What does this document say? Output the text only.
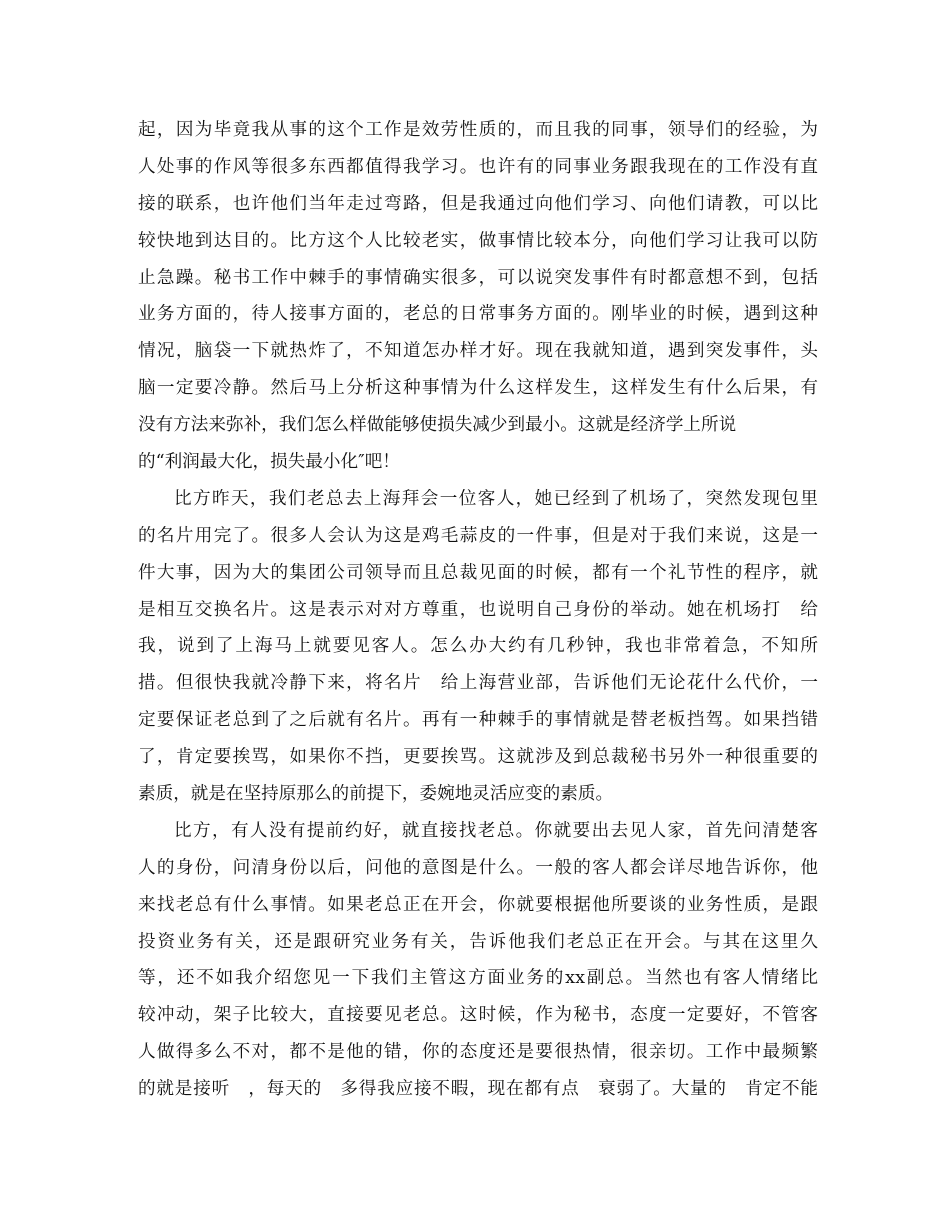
起，因为毕竟我从事的这个工作是效劳性质的，而且我的同事，领导们的经验，为
人处事的作风等很多东西都值得我学习。也许有的同事业务跟我现在的工作没有直
接的联系，也许他们当年走过弯路，但是我通过向他们学习、向他们请教，可以比
较快地到达目的。比方这个人比较老实，做事情比较本分，向他们学习让我可以防
止急躁。秘书工作中棘手的事情确实很多，可以说突发事件有时都意想不到，包括
业务方面的，待人接事方面的，老总的日常事务方面的。刚毕业的时候，遇到这种
情况，脑袋一下就热炸了，不知道怎办样才好。现在我就知道，遇到突发事件，头
脑一定要冷静。然后马上分析这种事情为什么这样发生，这样发生有什么后果，有
没有方法来弥补，我们怎么样做能够使损失减少到最小。这就是经济学上所说
的“利润最大化，损失最小化″吧！
比方昨天，我们老总去上海拜会一位客人，她已经到了机场了，突然发现包里
的名片用完了。很多人会认为这是鸡毛蒜皮的一件事，但是对于我们来说，这是一
件大事，因为大的集团公司领导而且总裁见面的时候，都有一个礼节性的程序，就
是相互交换名片。这是表示对对方尊重，也说明自己身份的举动。她在机场打　给
我，说到了上海马上就要见客人。怎么办大约有几秒钟，我也非常着急，不知所
措。但很快我就冷静下来，将名片　给上海营业部，告诉他们无论花什么代价，一
定要保证老总到了之后就有名片。再有一种棘手的事情就是替老板挡驾。如果挡错
了，肯定要挨骂，如果你不挡，更要挨骂。这就涉及到总裁秘书另外一种很重要的
素质，就是在坚持原那么的前提下，委婉地灵活应变的素质。
比方，有人没有提前约好，就直接找老总。你就要出去见人家，首先问清楚客
人的身份，问清身份以后，问他的意图是什么。一般的客人都会详尽地告诉你，他
来找老总有什么事情。如果老总正在开会，你就要根据他所要谈的业务性质，是跟
投资业务有关，还是跟研究业务有关，告诉他我们老总正在开会。与其在这里久
等，还不如我介绍您见一下我们主管这方面业务的xx副总。当然也有客人情绪比
较冲动，架子比较大，直接要见老总。这时候，作为秘书，态度一定要好，不管客
人做得多么不对，都不是他的错，你的态度还是要很热情，很亲切。工作中最频繁
的就是接听　，每天的　多得我应接不暇，现在都有点　衰弱了。大量的　肯定不能
